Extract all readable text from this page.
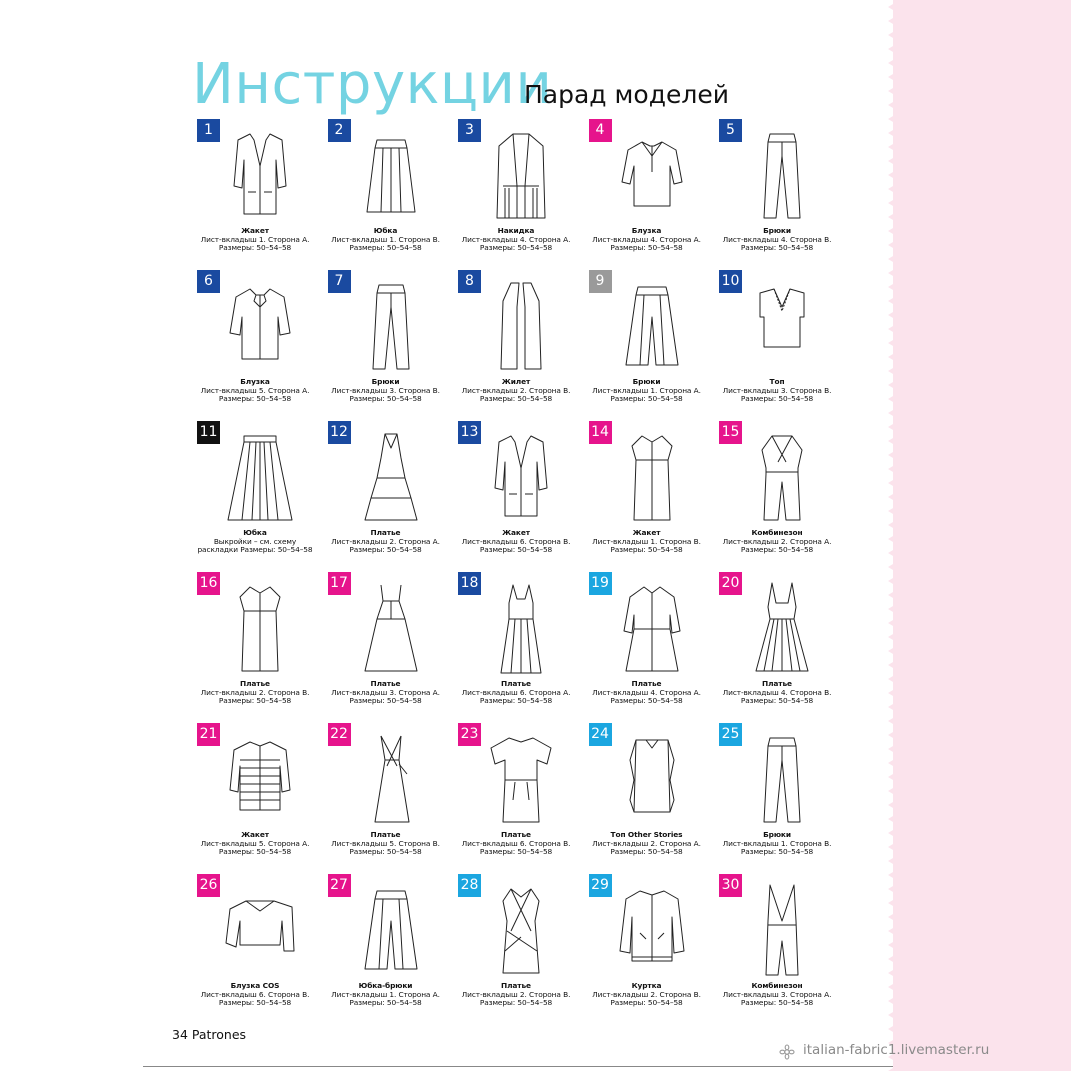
Инструкции
Парад моделей
1
Жакет
Лист-вкладыш 1. Сторона А.
Размеры: 50–54–58
2
Юбка
Лист-вкладыш 1. Сторона В.
Размеры: 50–54–58
3
Накидка
Лист-вкладыш 4. Сторона А.
Размеры: 50–54–58
4
Блузка
Лист-вкладыш 4. Сторона А.
Размеры: 50–54–58
5
Брюки
Лист-вкладыш 4. Сторона В.
Размеры: 50–54–58
6
Блузка
Лист-вкладыш 5. Сторона А.
Размеры: 50–54–58
7
Брюки
Лист-вкладыш 3. Сторона В.
Размеры: 50–54–58
8
Жилет
Лист-вкладыш 2. Сторона В.
Размеры: 50–54–58
9
Брюки
Лист-вкладыш 1. Сторона А.
Размеры: 50–54–58
10
Топ
Лист-вкладыш 3. Сторона В.
Размеры: 50–54–58
11
Юбка
Выкройки – см. схему
раскладки Размеры: 50–54–58
12
Платье
Лист-вкладыш 2. Сторона А.
Размеры: 50–54–58
13
Жакет
Лист-вкладыш 6. Сторона В.
Размеры: 50–54–58
14
Жакет
Лист-вкладыш 1. Сторона В.
Размеры: 50–54–58
15
Комбинезон
Лист-вкладыш 2. Сторона А.
Размеры: 50–54–58
16
Платье
Лист-вкладыш 2. Сторона В.
Размеры: 50–54–58
17
Платье
Лист-вкладыш 3. Сторона А.
Размеры: 50–54–58
18
Платье
Лист-вкладыш 6. Сторона А.
Размеры: 50–54–58
19
Платье
Лист-вкладыш 4. Сторона А.
Размеры: 50–54–58
20
Платье
Лист-вкладыш 4. Сторона В.
Размеры: 50–54–58
21
Жакет
Лист-вкладыш 5. Сторона А.
Размеры: 50–54–58
22
Платье
Лист-вкладыш 5. Сторона В.
Размеры: 50–54–58
23
Платье
Лист-вкладыш 6. Сторона В.
Размеры: 50–54–58
24
Топ Other Stories
Лист-вкладыш 2. Сторона А.
Размеры: 50–54–58
25
Брюки
Лист-вкладыш 1. Сторона В.
Размеры: 50–54–58
26
Блузка COS
Лист-вкладыш 6. Сторона В.
Размеры: 50–54–58
27
Юбка-брюки
Лист-вкладыш 1. Сторона А.
Размеры: 50–54–58
28
Платье
Лист-вкладыш 2. Сторона В.
Размеры: 50–54–58
29
Куртка
Лист-вкладыш 2. Сторона В.
Размеры: 50–54–58
30
Комбинезон
Лист-вкладыш 3. Сторона А.
Размеры: 50–54–58
34 Patrones
italian-fabric1.livemaster.ru
